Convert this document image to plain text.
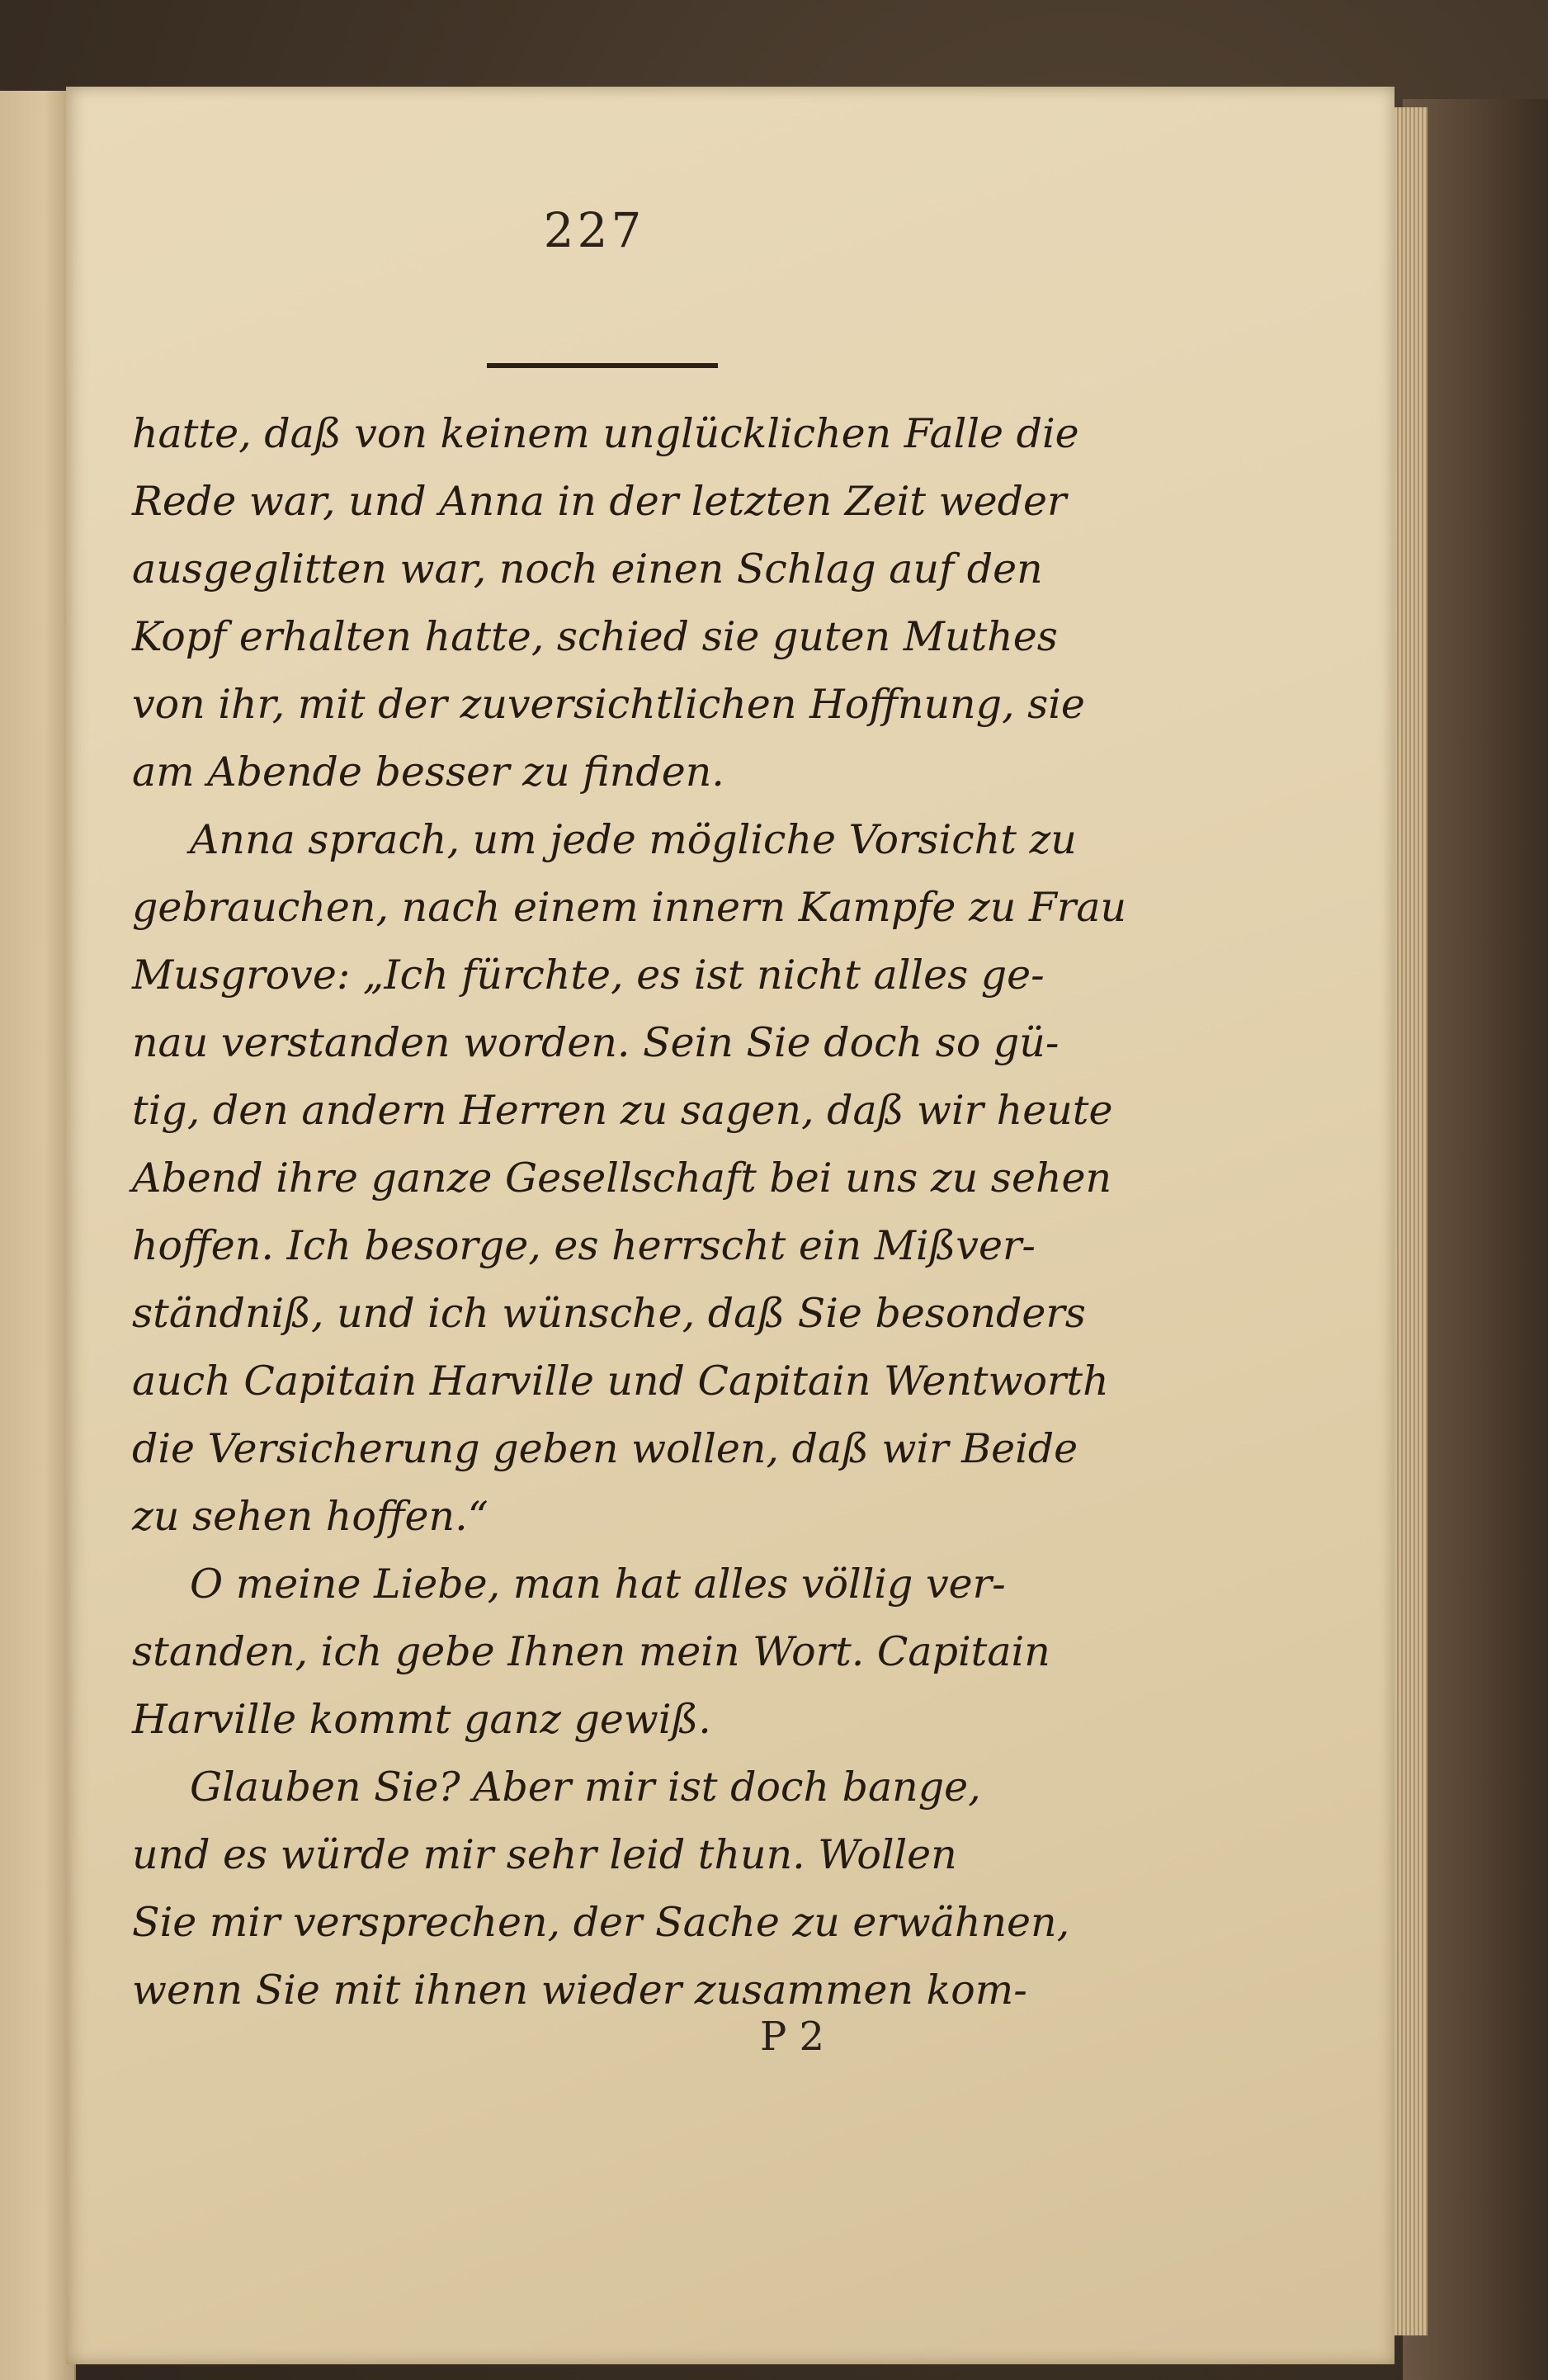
227
hatte, daß von keinem unglücklichen Falle die
Rede war, und Anna in der letzten Zeit weder
ausgeglitten war, noch einen Schlag auf den
Kopf erhalten hatte, schied sie guten Muthes
von ihr, mit der zuversichtlichen Hoffnung, sie
am Abende besser zu finden.
Anna sprach, um jede mögliche Vorsicht zu
gebrauchen, nach einem innern Kampfe zu Frau
Musgrove: „Ich fürchte, es ist nicht alles ge-
nau verstanden worden. Sein Sie doch so gü-
tig, den andern Herren zu sagen, daß wir heute
Abend ihre ganze Gesellschaft bei uns zu sehen
hoffen. Ich besorge, es herrscht ein Mißver-
ständniß, und ich wünsche, daß Sie besonders
auch Capitain Harville und Capitain Wentworth
die Versicherung geben wollen, daß wir Beide
zu sehen hoffen.“
O meine Liebe, man hat alles völlig ver-
standen, ich gebe Ihnen mein Wort. Capitain
Harville kommt ganz gewiß.
Glauben Sie? Aber mir ist doch bange,
und es würde mir sehr leid thun. Wollen
Sie mir versprechen, der Sache zu erwähnen,
wenn Sie mit ihnen wieder zusammen kom-
P 2
